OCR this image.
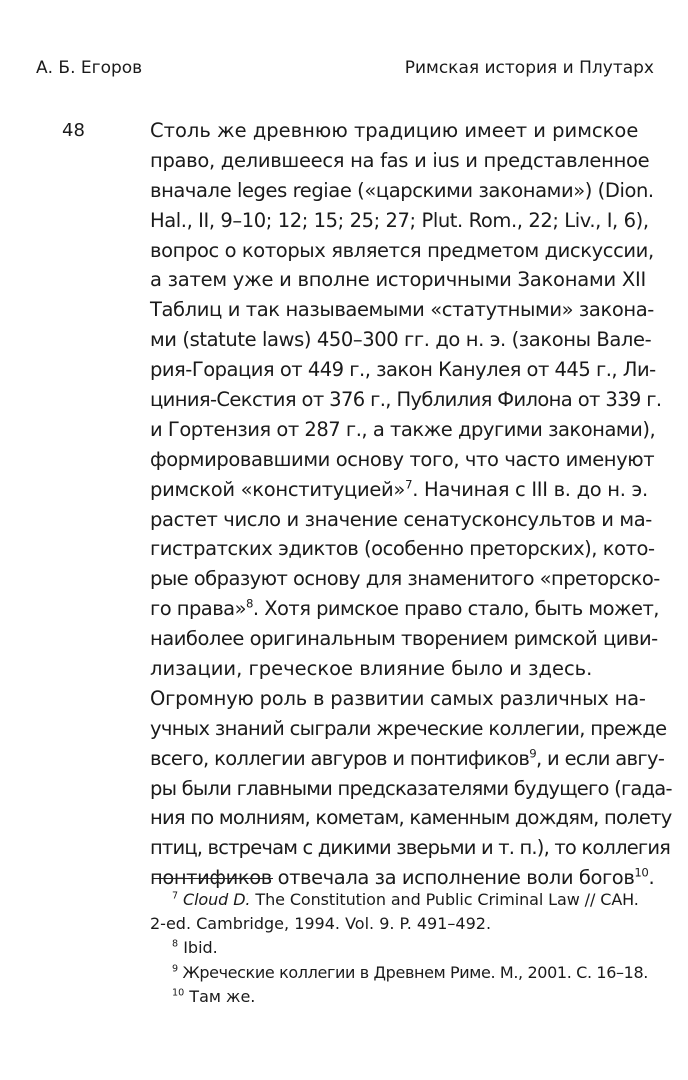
А. Б. Егоров	Римская история и Плутарх
48	Столь же древнюю традицию имеет и римское
право, делившееся на fas и ius и представленное
вначале leges regiae («царскими законами») (Dion.
Hal., II, 9–10; 12; 15; 25; 27; Plut. Rom., 22; Liv., I, 6),
вопрос о которых является предметом дискуссии,
а затем уже и вполне историчными Законами XII
Таблиц и так называемыми «статутными» закона-
ми (statute laws) 450–300 гг. до н. э. (законы Вале-
рия-Горация от 449 г., закон Канулея от 445 г., Ли-
циния-Секстия от 376 г., Публилия Филона от 339 г.
и Гортензия от 287 г., а также другими законами),
формировавшими основу того, что часто именуют
римской «конституцией»$^7$. Начиная с III в. до н. э.
растет число и значение сенатусконсультов и ма-
гистратских эдиктов (особенно преторских), кото-
рые образуют основу для знаменитого «преторско-
го права»$^8$. Хотя римское право стало, быть может,
наиболее оригинальным творением римской циви-
лизации, греческое влияние было и здесь.
Огромную роль в развитии самых различных на-
учных знаний сыграли жреческие коллегии, прежде
всего, коллегии авгуров и понтификов$^9$, и если авгу-
ры были главными предсказателями будущего (гада-
ния по молниям, кометам, каменным дождям, полету
птиц, встречам с дикими зверьми и т. п.), то коллегия
понтификов отвечала за исполнение воли богов$^{10}$.
$^7$ Cloud D. The Constitution and Public Criminal Law // CAH.
2-ed. Cambridge, 1994. Vol. 9. P. 491–492.
$^8$ Ibid.
$^9$ Жреческие коллегии в Древнем Риме. М., 2001. С. 16–18.
$^{10}$ Там же.
